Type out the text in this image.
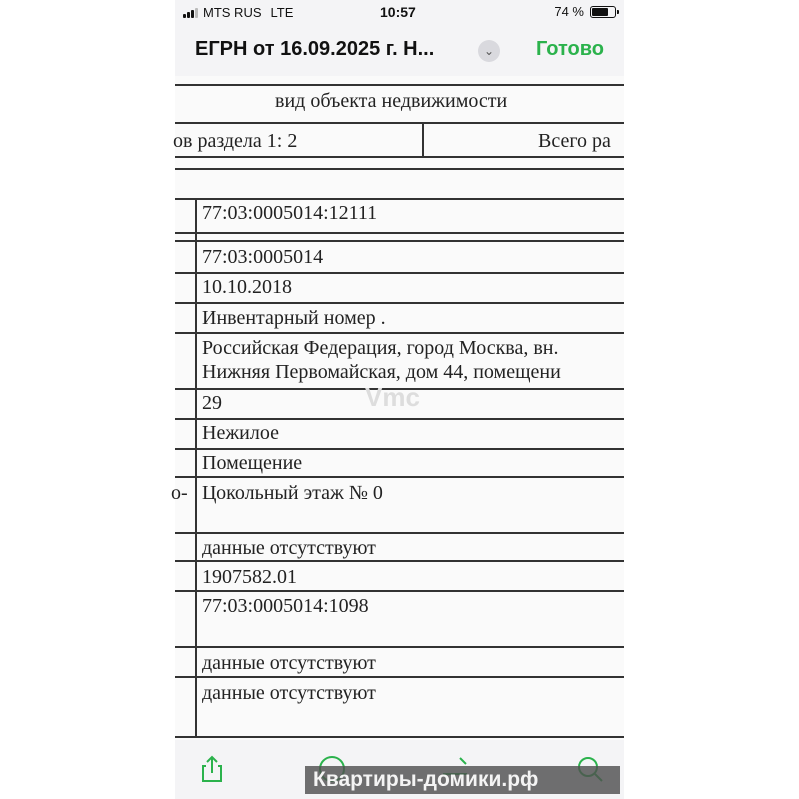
MTS RUS LTE	10:57	74 %
ЕГРН от 16.09.2025 г. Н...	⌄ Готово
вид объекта недвижимости
ов раздела 1: 2	Всего ра
77:03:0005014:12111
77:03:0005014
10.10.2018
Инвентарный номер .
Российская Федерация, город Москва, вн.
Нижняя Первомайская, дом 44, помещени
29
Нежилое
Помещение
о- Цокольный этаж № 0
данные отсутствуют
1907582.01
77:03:0005014:1098
данные отсутствуют
данные отсутствуют
Vmc
Квартиры-домики.рф
